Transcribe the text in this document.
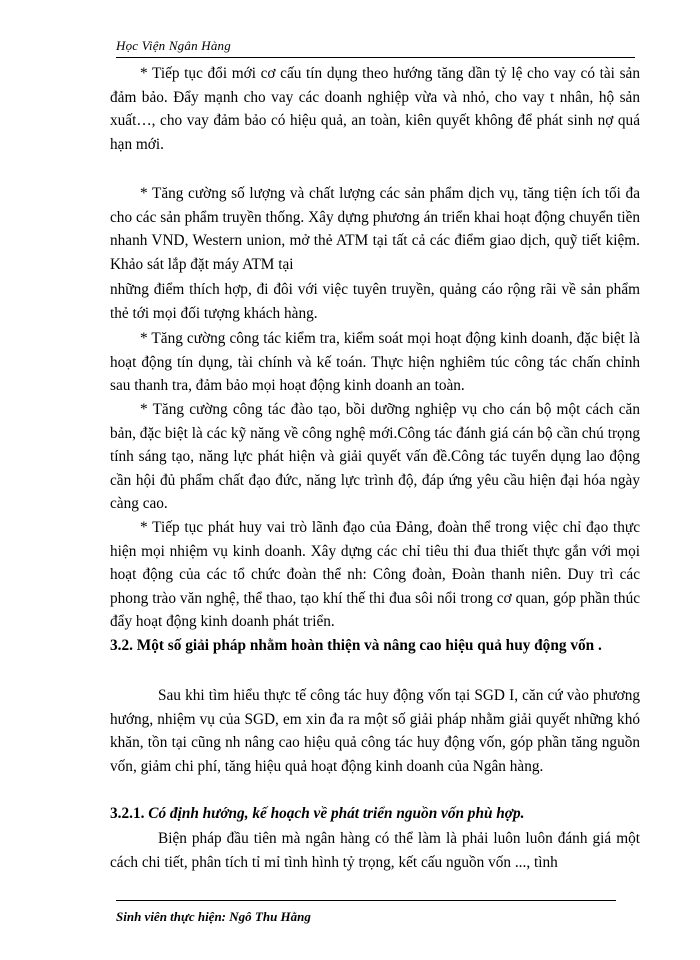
Học Viện Ngân Hàng

* Tiếp tục đổi mới cơ cấu tín dụng theo hướng tăng dần tỷ lệ cho vay có tài sản đảm bảo. Đẩy mạnh cho vay các doanh nghiệp vừa và nhỏ, cho vay t nhân, hộ sản xuất…, cho vay đảm bảo có hiệu quả, an toàn, kiên quyết không để phát sinh nợ quá hạn mới.

* Tăng cường số lượng và chất lượng các sản phẩm dịch vụ, tăng tiện ích tối đa cho các sản phẩm truyền thống. Xây dựng phương án triển khai hoạt động chuyển tiền nhanh VND, Western union, mở thẻ ATM tại tất cả các điểm giao dịch, quỹ tiết kiệm. Khảo sát lắp đặt máy ATM tại

những điểm thích hợp, đi đôi với việc tuyên truyền, quảng cáo rộng rãi về sản phẩm thẻ tới mọi đối tượng khách hàng.

* Tăng cường công tác kiểm tra, kiểm soát mọi hoạt động kinh doanh, đặc biệt là hoạt động tín dụng, tài chính và kế toán. Thực hiện nghiêm túc công tác chấn chỉnh sau thanh tra, đảm bảo mọi hoạt động kinh doanh an toàn.

* Tăng cường công tác đào tạo, bồi dưỡng nghiệp vụ cho cán bộ một cách căn bản, đặc biệt là các kỹ năng về công nghệ mới.Công tác đánh giá cán bộ cần chú trọng tính sáng tạo, năng lực phát hiện và giải quyết vấn đề.Công tác tuyển dụng lao động cần hội đủ phẩm chất đạo đức, năng lực trình độ, đáp ứng yêu cầu hiện đại hóa ngày càng cao.

* Tiếp tục phát huy vai trò lãnh đạo của Đảng, đoàn thể trong việc chỉ đạo thực hiện mọi nhiệm vụ kinh doanh. Xây dựng các chỉ tiêu thi đua thiết thực gắn với mọi hoạt động của các tổ chức đoàn thể nh: Công đoàn, Đoàn thanh niên. Duy trì các phong trào văn nghệ, thể thao, tạo khí thế thi đua sôi nổi trong cơ quan, góp phần thúc đẩy hoạt động kinh doanh phát triển.

3.2. Một số giải pháp nhằm hoàn thiện và nâng cao hiệu quả huy động vốn .

Sau khi tìm hiểu thực tế công tác huy động vốn tại SGD I, căn cứ vào phương hướng, nhiệm vụ của SGD, em xin đa ra một số giải pháp nhằm giải quyết những khó khăn, tồn tại cũng nh nâng cao hiệu quả công tác huy động vốn, góp phần tăng nguồn vốn, giảm chi phí, tăng hiệu quả hoạt động kinh doanh của Ngân hàng.

3.2.1. Có định hướng, kế hoạch về phát triển nguồn vốn phù hợp.

Biện pháp đầu tiên mà ngân hàng có thể làm là phải luôn luôn đánh giá một cách chi tiết, phân tích tỉ mỉ tình hình tỷ trọng, kết cấu nguồn vốn ..., tình

Sinh viên thực hiện: Ngô Thu Hằng
